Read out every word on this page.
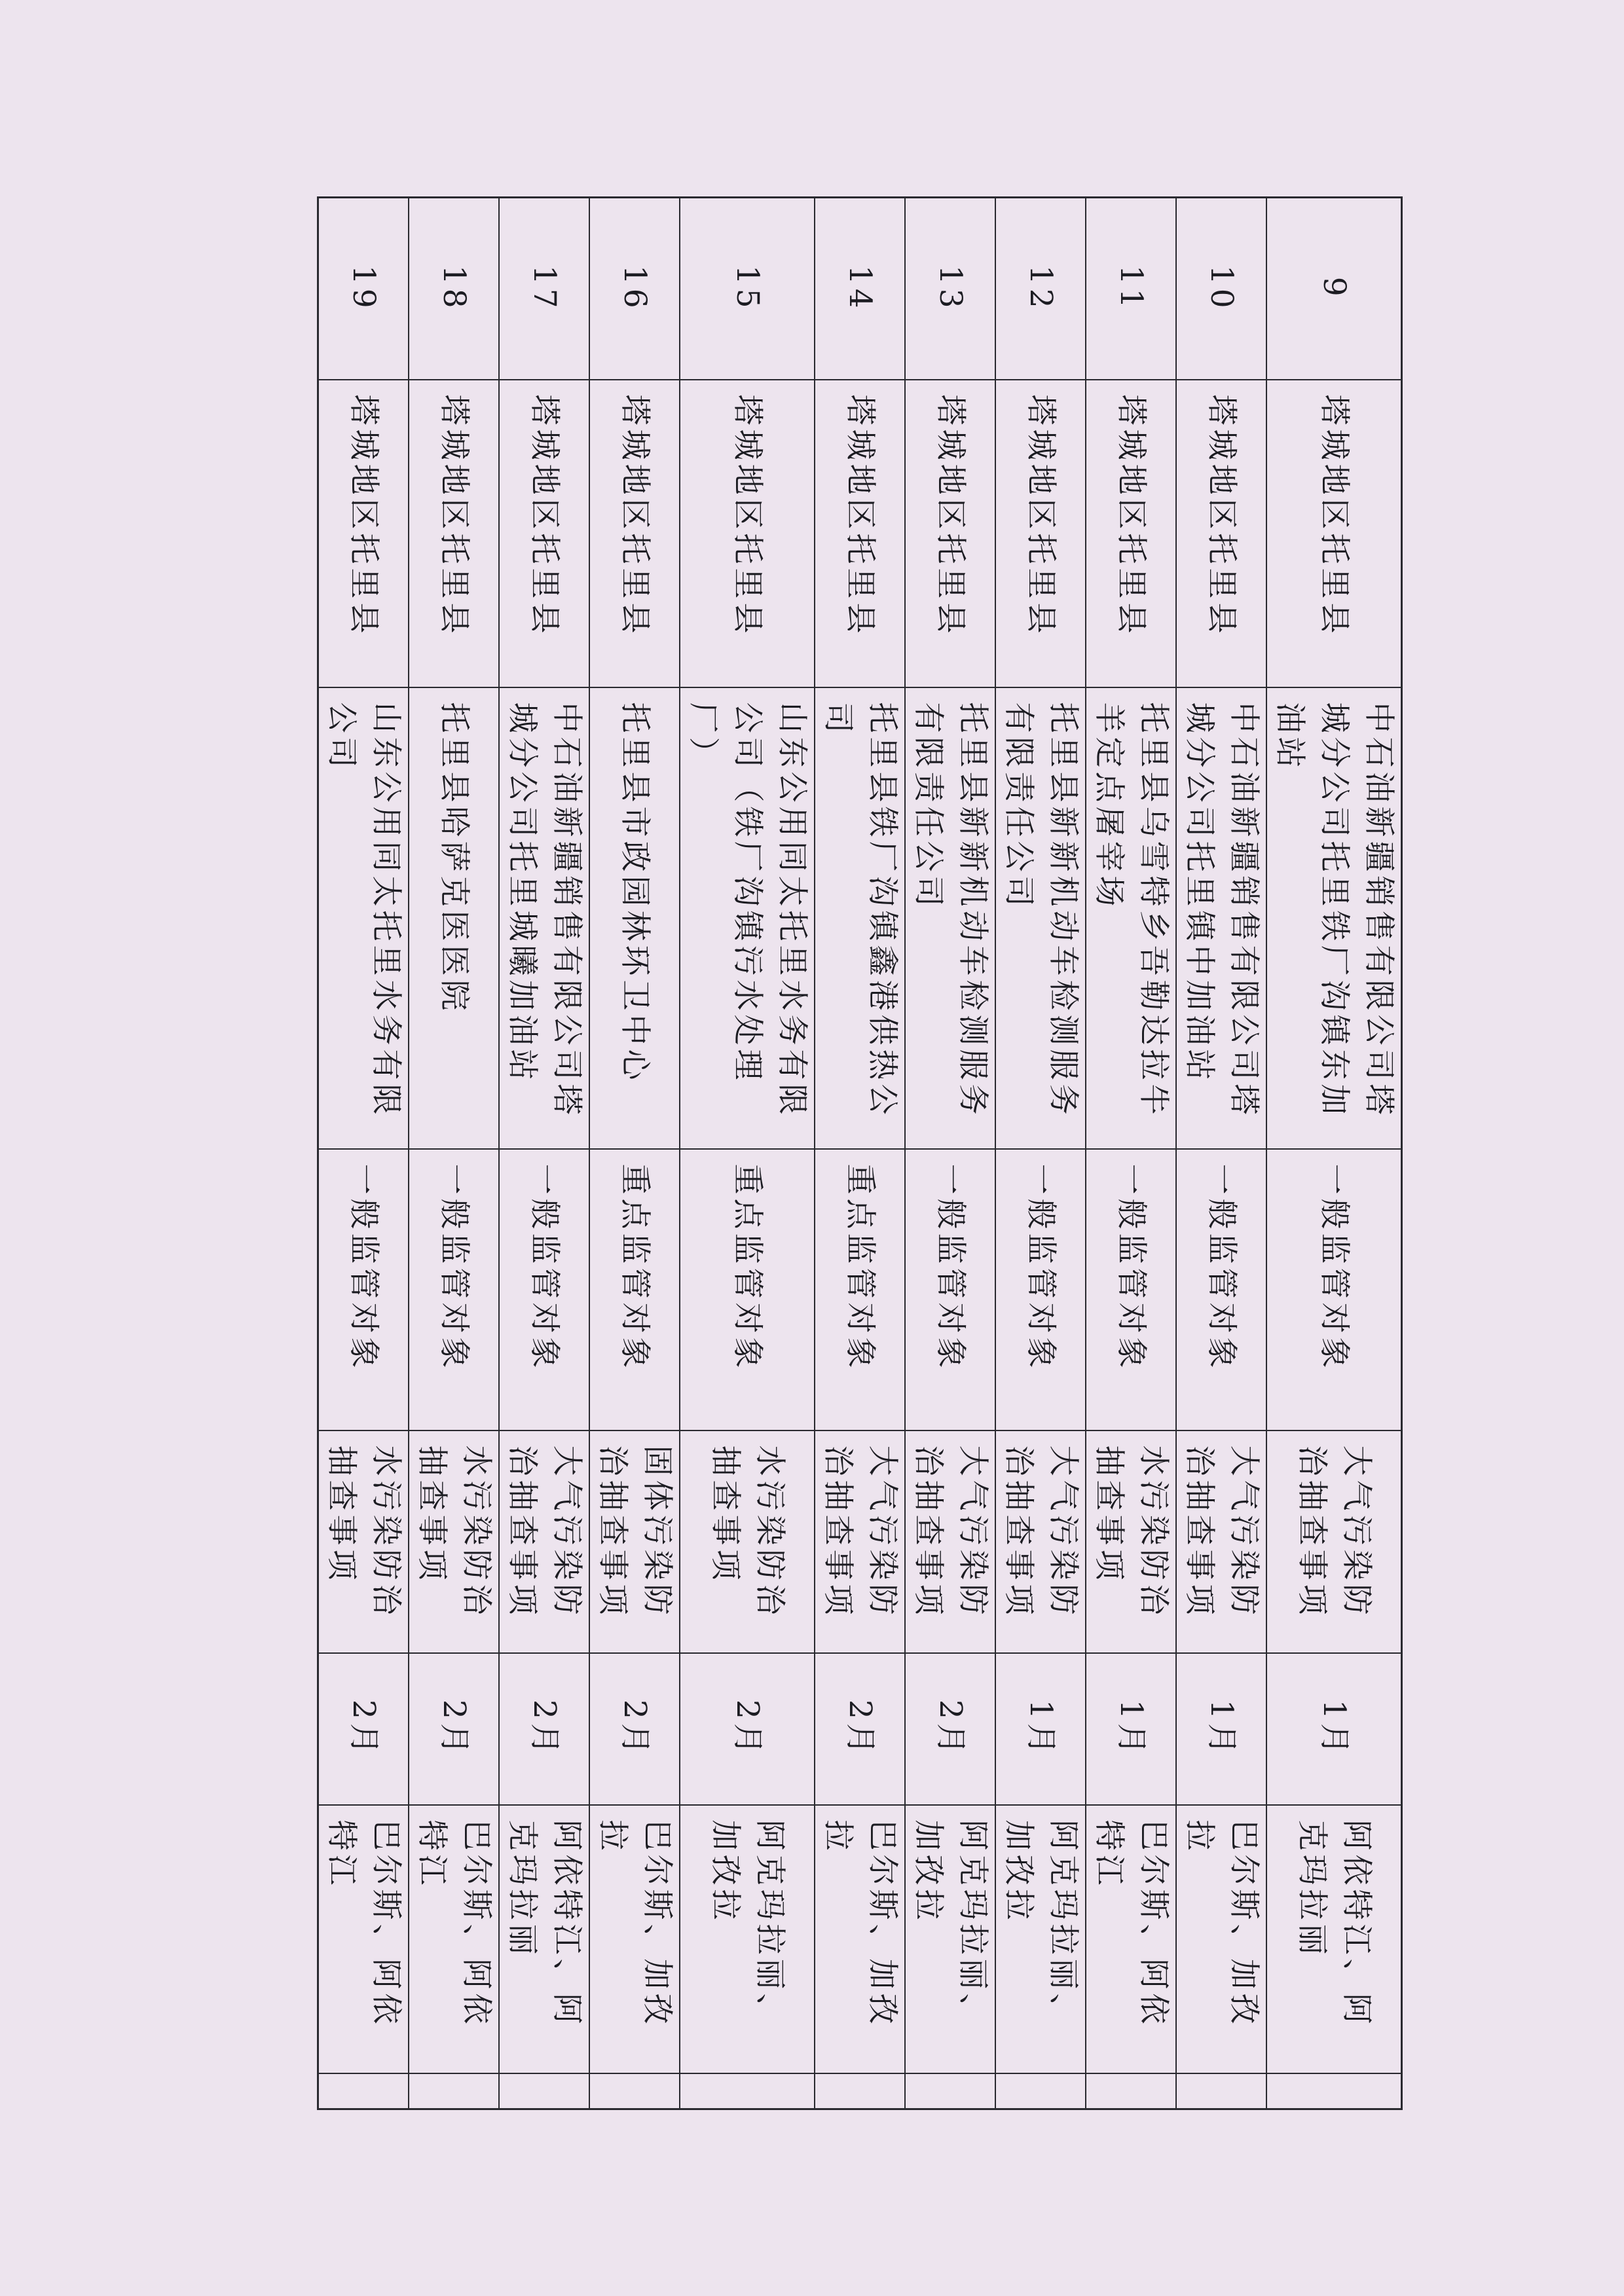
9	塔城地区托里县	中石油新疆销售有限公司塔城分公司托里铁厂沟镇东加油站	一般监管对象	大气污染防治抽查事项	1月	阿依特江、阿克玛拉丽	
10	塔城地区托里县	中石油新疆销售有限公司塔城分公司托里镇中加油站	一般监管对象	大气污染防治抽查事项	1月	巴尔斯、加孜拉	
11	塔城地区托里县	托里县乌雪特乡吾勒达拉牛羊定点屠宰场	一般监管对象	水污染防治抽查事项	1月	巴尔斯、阿依特江	
12	塔城地区托里县	托里县新新机动车检测服务有限责任公司	一般监管对象	大气污染防治抽查事项	1月	阿克玛拉丽、加孜拉	
13	塔城地区托里县	托里县新新机动车检测服务有限责任公司	一般监管对象	大气污染防治抽查事项	2月	阿克玛拉丽、加孜拉	
14	塔城地区托里县	托里县铁厂沟镇鑫港供热公司	重点监管对象	大气污染防治抽查事项	2月	巴尔斯、加孜拉	
15	塔城地区托里县	山东公用同太托里水务有限公司（铁厂沟镇污水处理厂）	重点监管对象	水污染防治抽查事项	2月	阿克玛拉丽、加孜拉	
16	塔城地区托里县	托里县市政园林环卫中心	重点监管对象	固体污染防治抽查事项	2月	巴尔斯、加孜拉	
17	塔城地区托里县	中石油新疆销售有限公司塔城分公司托里城曦加油站	一般监管对象	大气污染防治抽查事项	2月	阿依特江、阿克玛拉丽	
18	塔城地区托里县	托里县哈萨克医医院	一般监管对象	水污染防治抽查事项	2月	巴尔斯、阿依特江	
19	塔城地区托里县	山东公用同太托里水务有限公司	一般监管对象	水污染防治抽查事项	2月	巴尔斯、阿依特江	
